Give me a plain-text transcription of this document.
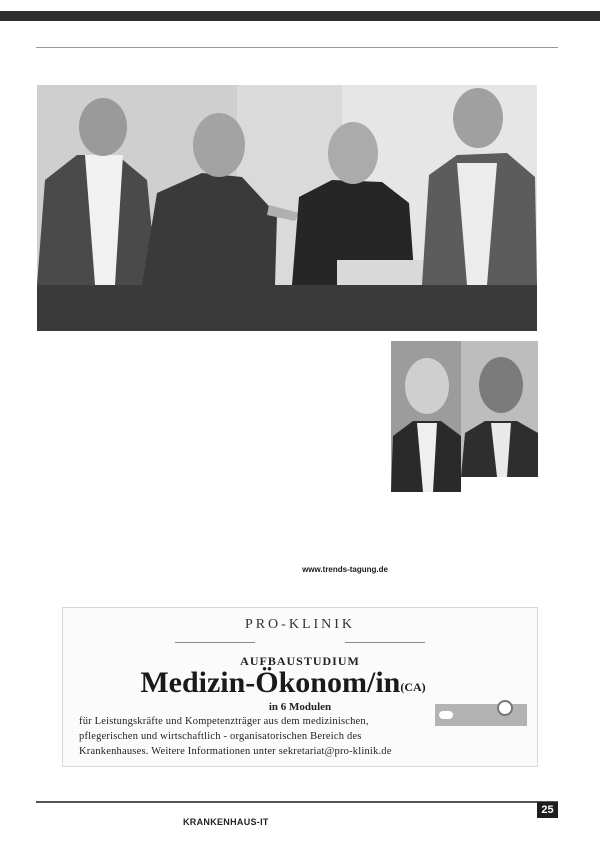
www.trends-tagung.de
PRO-KLINIK
AUFBAUSTUDIUM
Medizin-Ökonom/in(CA)
in 6 Modulen
für Leistungskräfte und Kompetenzträger aus dem medizinischen,
pflegerischen und wirtschaftlich - organisatorischen Bereich des
Krankenhauses. Weitere Informationen unter sekretariat@pro-klinik.de
25
KRANKENHAUS-IT
